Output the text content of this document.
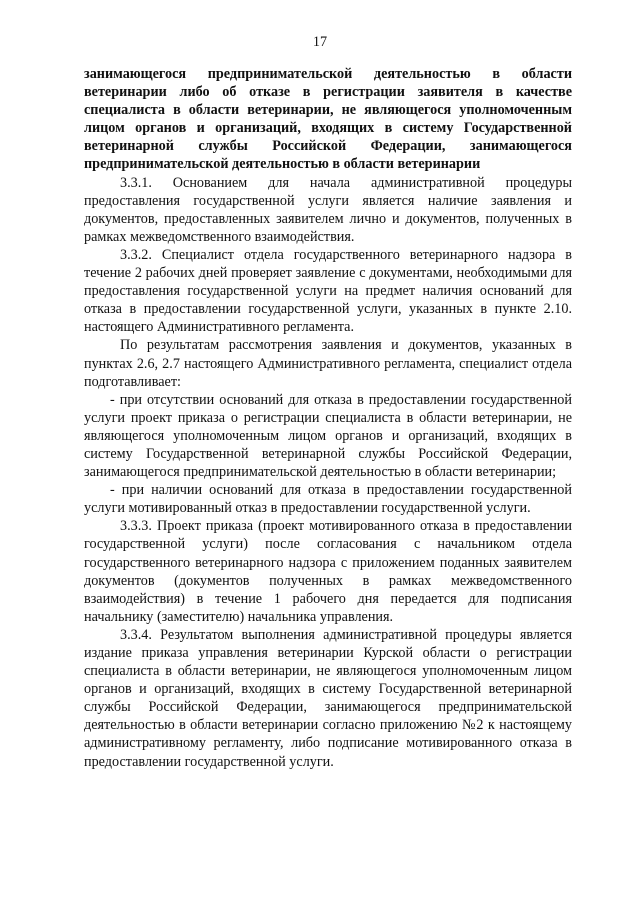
17

занимающегося предпринимательской деятельностью в области ветеринарии либо об отказе в регистрации заявителя в качестве специалиста в области ветеринарии, не являющегося уполномоченным лицом органов и организаций, входящих в систему Государственной ветеринарной службы Российской Федерации, занимающегося предпринимательской деятельностью в области ветеринарии

3.3.1. Основанием для начала административной процедуры предоставления государственной услуги является наличие заявления и документов, предоставленных заявителем лично и документов, полученных в рамках межведомственного взаимодействия.

3.3.2. Специалист отдела государственного ветеринарного надзора в течение 2 рабочих дней проверяет заявление с документами, необходимыми для предоставления государственной услуги на предмет наличия оснований для отказа в предоставлении государственной услуги, указанных в пункте 2.10. настоящего Административного регламента.

По результатам рассмотрения заявления и документов, указанных в пунктах 2.6, 2.7 настоящего Административного регламента, специалист отдела подготавливает:

- при отсутствии оснований для отказа в предоставлении государственной услуги проект приказа о регистрации специалиста в области ветеринарии, не являющегося уполномоченным лицом органов и организаций, входящих в систему Государственной ветеринарной службы Российской Федерации, занимающегося предпринимательской деятельностью в области ветеринарии;

- при наличии оснований для отказа в предоставлении государственной услуги мотивированный отказ в предоставлении государственной услуги.

3.3.3. Проект приказа (проект мотивированного отказа в предоставлении государственной услуги) после согласования с начальником отдела государственного ветеринарного надзора с приложением поданных заявителем документов (документов полученных в рамках межведомственного взаимодействия) в течение 1 рабочего дня передается для подписания начальнику (заместителю) начальника управления.

3.3.4. Результатом выполнения административной процедуры является издание приказа управления ветеринарии Курской области о регистрации специалиста в области ветеринарии, не являющегося уполномоченным лицом органов и организаций, входящих в систему Государственной ветеринарной службы Российской Федерации, занимающегося предпринимательской деятельностью в области ветеринарии согласно приложению №2 к настоящему административному регламенту, либо подписание мотивированного отказа в предоставлении государственной услуги.
